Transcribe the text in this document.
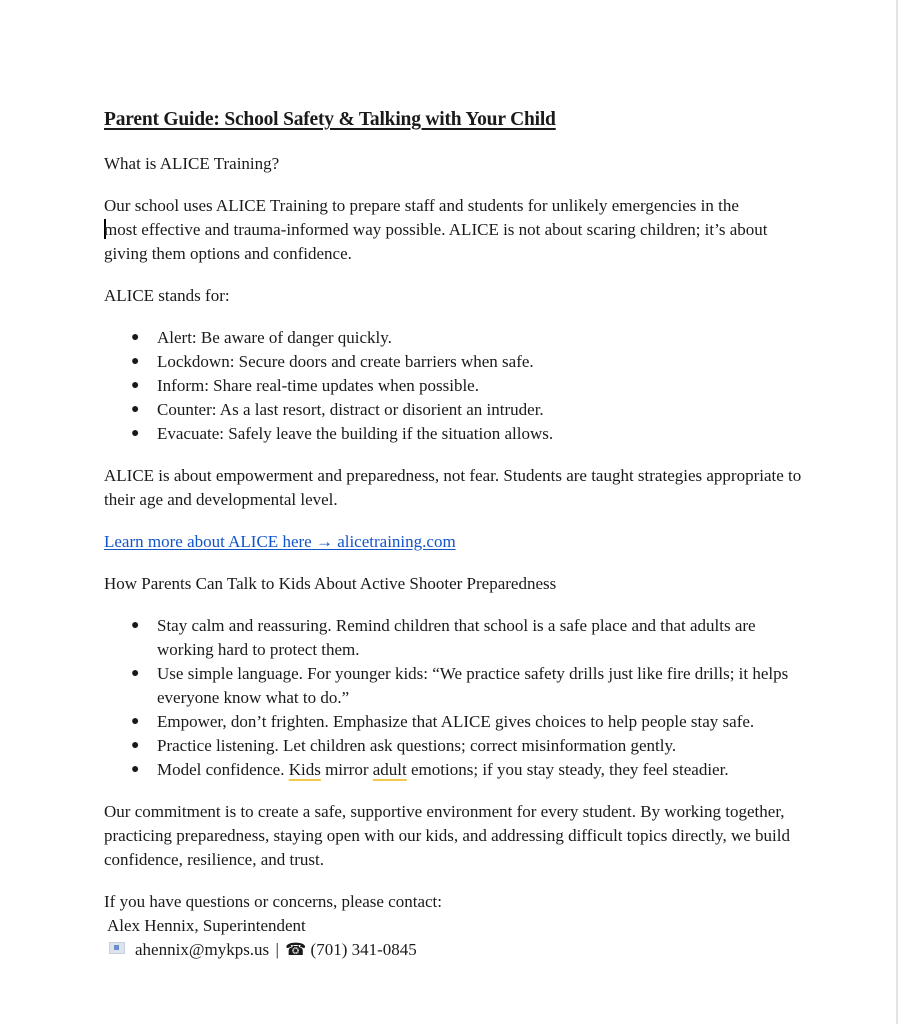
Parent Guide: School Safety & Talking with Your Child

What is ALICE Training?

Our school uses ALICE Training to prepare staff and students for unlikely emergencies in the
most effective and trauma-informed way possible. ALICE is not about scaring children; it’s about giving them options and confidence.

ALICE stands for:

● Alert: Be aware of danger quickly.
● Lockdown: Secure doors and create barriers when safe.
● Inform: Share real-time updates when possible.
● Counter: As a last resort, distract or disorient an intruder.
● Evacuate: Safely leave the building if the situation allows.

ALICE is about empowerment and preparedness, not fear. Students are taught strategies appropriate to their age and developmental level.

Learn more about ALICE here → alicetraining.com

How Parents Can Talk to Kids About Active Shooter Preparedness

● Stay calm and reassuring. Remind children that school is a safe place and that adults are working hard to protect them.
● Use simple language. For younger kids: “We practice safety drills just like fire drills; it helps everyone know what to do.”
● Empower, don’t frighten. Emphasize that ALICE gives choices to help people stay safe.
● Practice listening. Let children ask questions; correct misinformation gently.
● Model confidence. Kids mirror adult emotions; if you stay steady, they feel steadier.

Our commitment is to create a safe, supportive environment for every student. By working together, practicing preparedness, staying open with our kids, and addressing difficult topics directly, we build confidence, resilience, and trust.

If you have questions or concerns, please contact:

Alex Hennix, Superintendent

ahennix@mykps.us | ☎ (701) 341-0845
